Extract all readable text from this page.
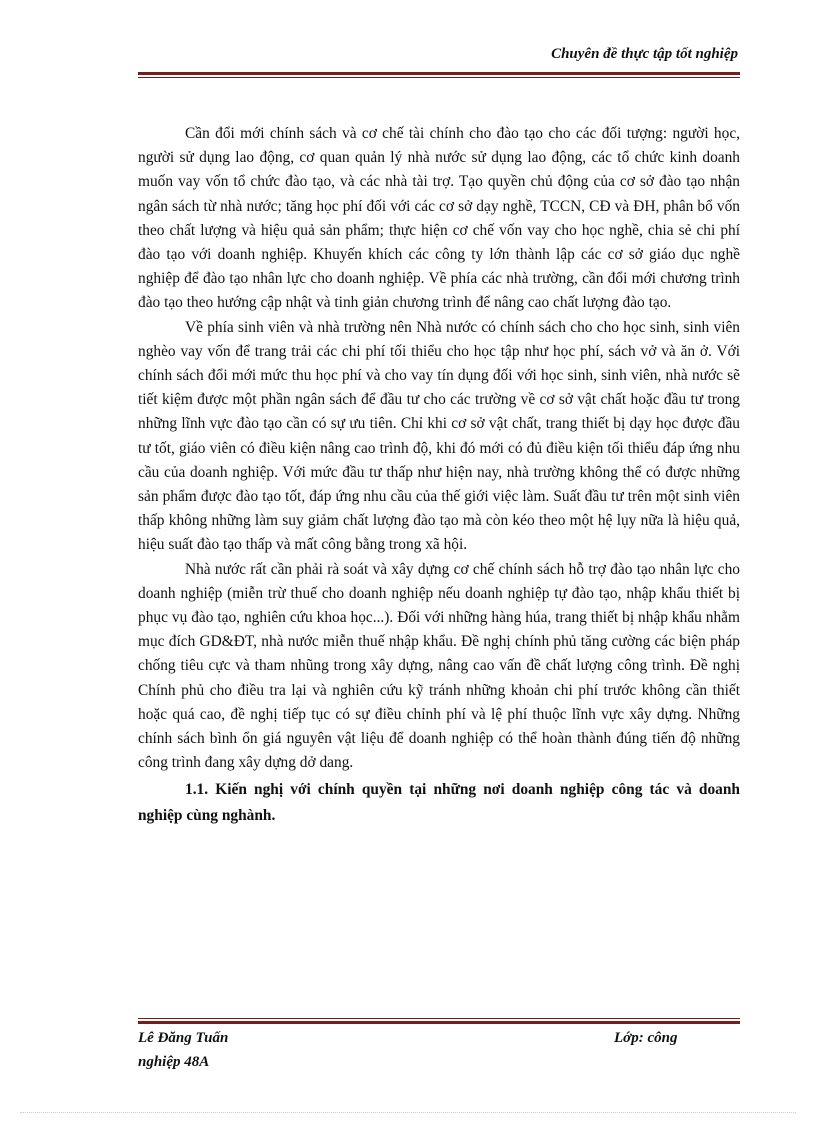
Chuyên đề thực tập tốt nghiệp

Cần đổi mới chính sách và cơ chế tài chính cho đào tạo cho các đối tượng: người học, người sử dụng lao động, cơ quan quản lý nhà nước sử dụng lao động, các tổ chức kinh doanh muốn vay vốn tổ chức đào tạo, và các nhà tài trợ. Tạo quyền chủ động của cơ sở đào tạo nhận ngân sách từ nhà nước; tăng học phí đối với các cơ sở dạy nghề, TCCN, CĐ và ĐH, phân bổ vốn theo chất lượng và hiệu quả sản phẩm; thực hiện cơ chế vốn vay cho học nghề, chia sẻ chi phí đào tạo với doanh nghiệp. Khuyến khích các công ty lớn thành lập các cơ sở giáo dục nghề nghiệp để đào tạo nhân lực cho doanh nghiệp. Về phía các nhà trường, cần đổi mới chương trình đào tạo theo hướng cập nhật và tinh giản chương trình để nâng cao chất lượng đào tạo.

Về phía sinh viên và nhà trường nên Nhà nước có chính sách cho cho học sinh, sinh viên nghèo vay vốn để trang trải các chi phí tối thiểu cho học tập như học phí, sách vở và ăn ở. Với chính sách đổi mới mức thu học phí và cho vay tín dụng đối với học sinh, sinh viên, nhà nước sẽ tiết kiệm được một phần ngân sách để đầu tư cho các trường về cơ sở vật chất hoặc đầu tư trong những lĩnh vực đào tạo cần có sự ưu tiên. Chỉ khi cơ sở vật chất, trang thiết bị dạy học được đầu tư tốt, giáo viên có điều kiện nâng cao trình độ, khi đó mới có đủ điều kiện tối thiểu đáp ứng nhu cầu của doanh nghiệp. Với mức đầu tư thấp như hiện nay, nhà trường không thể có được những sản phẩm được đào tạo tốt, đáp ứng nhu cầu của thế giới việc làm. Suất đầu tư trên một sinh viên thấp không những làm suy giảm chất lượng đào tạo mà còn kéo theo một hệ lụy nữa là hiệu quả, hiệu suất đào tạo thấp và mất công bằng trong xã hội.

Nhà nước rất cần phải rà soát và xây dựng cơ chế chính sách hỗ trợ đào tạo nhân lực cho doanh nghiệp (miễn trừ thuế cho doanh nghiệp nếu doanh nghiệp tự đào tạo, nhập khẩu thiết bị phục vụ đào tạo, nghiên cứu khoa học...). Đối với những hàng húa, trang thiết bị nhập khẩu nhằm mục đích GD&ĐT, nhà nước miễn thuế nhập khẩu. Đề nghị chính phủ tăng cường các biện pháp chống tiêu cực và tham nhũng trong xây dựng, nâng cao vấn đề chất lượng công trình. Đề nghị Chính phủ cho điều tra lại và nghiên cứu kỹ tránh những khoản chi phí trước không cần thiết hoặc quá cao, đề nghị tiếp tục có sự điều chỉnh phí và lệ phí thuộc lĩnh vực xây dựng. Những chính sách bình ổn giá nguyên vật liệu để doanh nghiệp có thể hoàn thành đúng tiến độ những công trình đang xây dựng dở dang.

1.1. Kiến nghị với chính quyền tại những nơi doanh nghiệp công tác và doanh nghiệp cùng nghành.

Lê Đăng Tuấn	Lớp: công
nghiệp 48A
